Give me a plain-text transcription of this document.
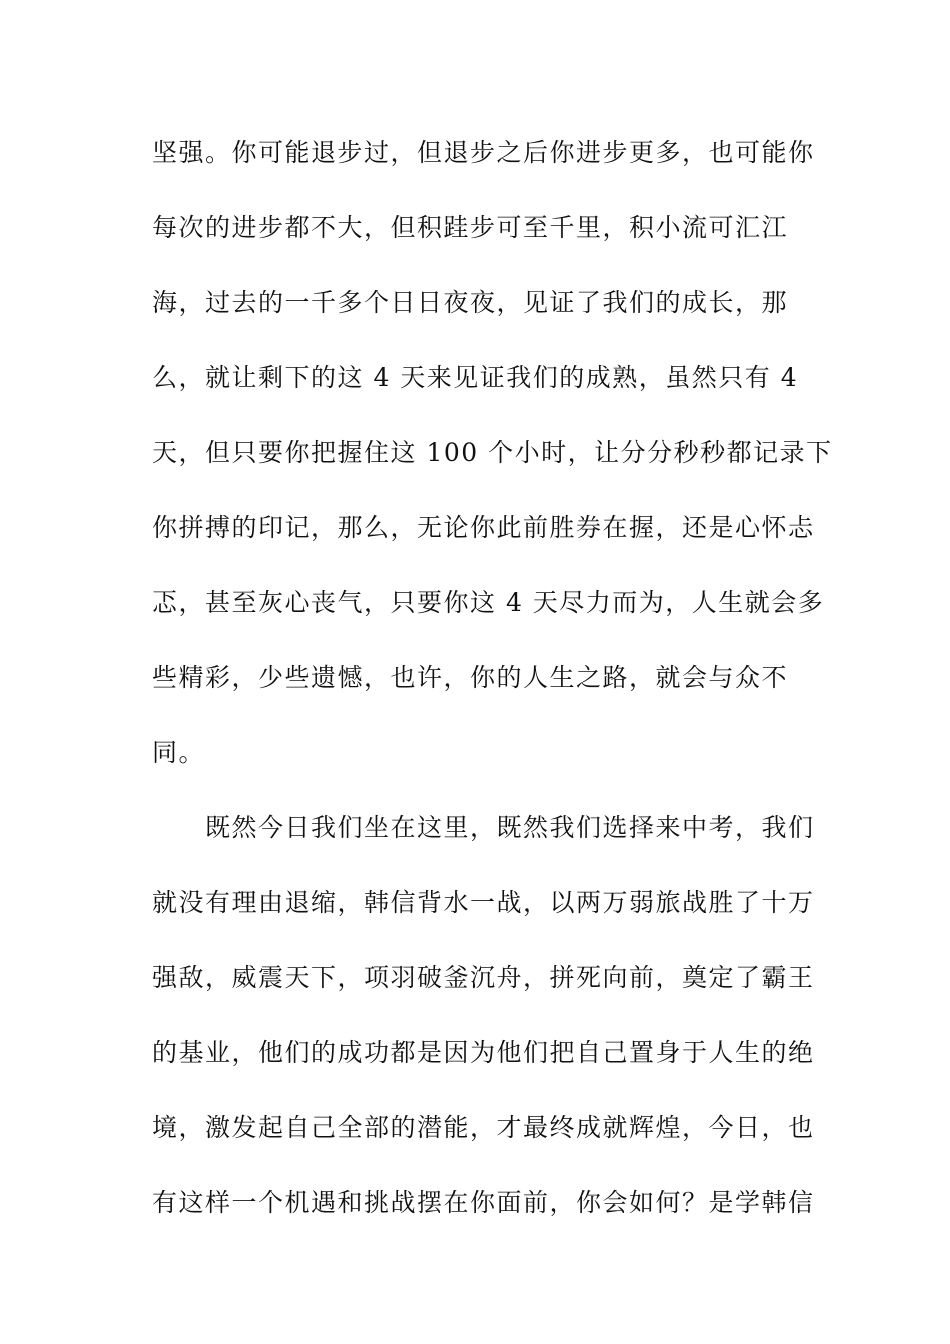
坚强。你可能退步过，但退步之后你进步更多，也可能你
每次的进步都不大，但积跬步可至千里，积小流可汇江
海，过去的一千多个日日夜夜，见证了我们的成长，那
么，就让剩下的这 4 天来见证我们的成熟，虽然只有 4
天，但只要你把握住这 100 个小时，让分分秒秒都记录下
你拼搏的印记，那么，无论你此前胜券在握，还是心怀忐
忑，甚至灰心丧气，只要你这 4 天尽力而为，人生就会多
些精彩，少些遗憾，也许，你的人生之路，就会与众不
同。
　　既然今日我们坐在这里，既然我们选择来中考，我们
就没有理由退缩，韩信背水一战，以两万弱旅战胜了十万
强敌，威震天下，项羽破釜沉舟，拼死向前，奠定了霸王
的基业，他们的成功都是因为他们把自己置身于人生的绝
境，激发起自己全部的潜能，才最终成就辉煌，今日，也
有这样一个机遇和挑战摆在你面前，你会如何？是学韩信
